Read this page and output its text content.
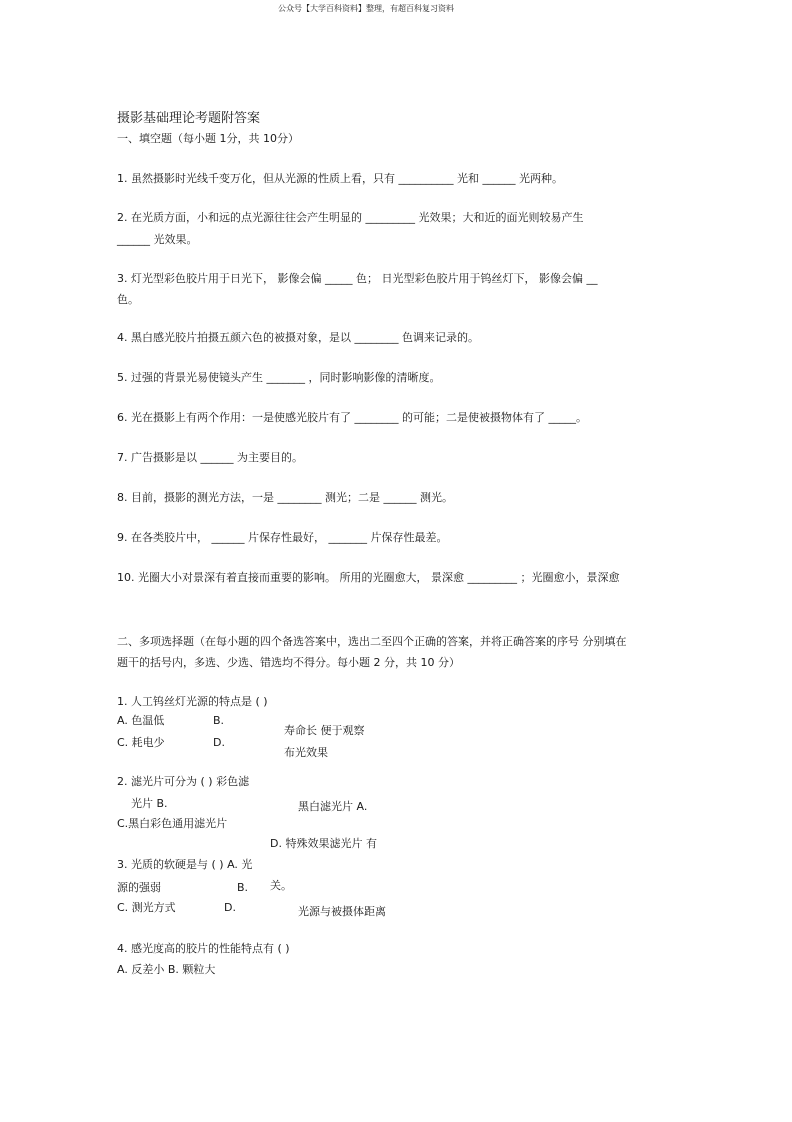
公众号【大学百科资料】整理，有超百科复习资料
摄影基础理论考题附答案
一、填空题（每小题 1分，共 10分）
1. 虽然摄影时光线千变万化，但从光源的性质上看，只有 __________ 光和 ______ 光两种。
2. 在光质方面，小和远的点光源往往会产生明显的 _________ 光效果；大和近的面光则较易产生
______ 光效果。
3. 灯光型彩色胶片用于日光下， 影像会偏 _____ 色； 日光型彩色胶片用于钨丝灯下， 影像会偏 __
色。
4. 黑白感光胶片拍摄五颜六色的被摄对象，是以 ________ 色调来记录的。
5. 过强的背景光易使镜头产生 _______ ，同时影响影像的清晰度。
6. 光在摄影上有两个作用：一是使感光胶片有了 ________ 的可能；二是使被摄物体有了 _____。
7. 广告摄影是以 ______ 为主要目的。
8. 目前，摄影的测光方法，一是 ________ 测光；二是 ______ 测光。
9. 在各类胶片中， ______ 片保存性最好， _______ 片保存性最差。
10. 光圈大小对景深有着直接而重要的影响。 所用的光圈愈大， 景深愈 _________ ；光圈愈小，景深愈
二、多项选择题（在每小题的四个备选答案中，选出二至四个正确的答案，并将正确答案的序号 分别填在
题干的括号内，多选、少选、错选均不得分。每小题 2 分，共 10 分）
1. 人工钨丝灯光源的特点是 ( )
A. 色温低	B.
寿命长 便于观察
C. 耗电少	D.
布光效果
2. 滤光片可分为 ( ) 彩色滤
光片 B.	黑白滤光片 A.
C.黑白彩色通用滤光片
D. 特殊效果滤光片 有
3. 光质的软硬是与 ( ) A. 光
源的强弱	B. 关。
C. 测光方式	D.	光源与被摄体距离
4. 感光度高的胶片的性能特点有 ( )
A. 反差小 B. 颗粒大
